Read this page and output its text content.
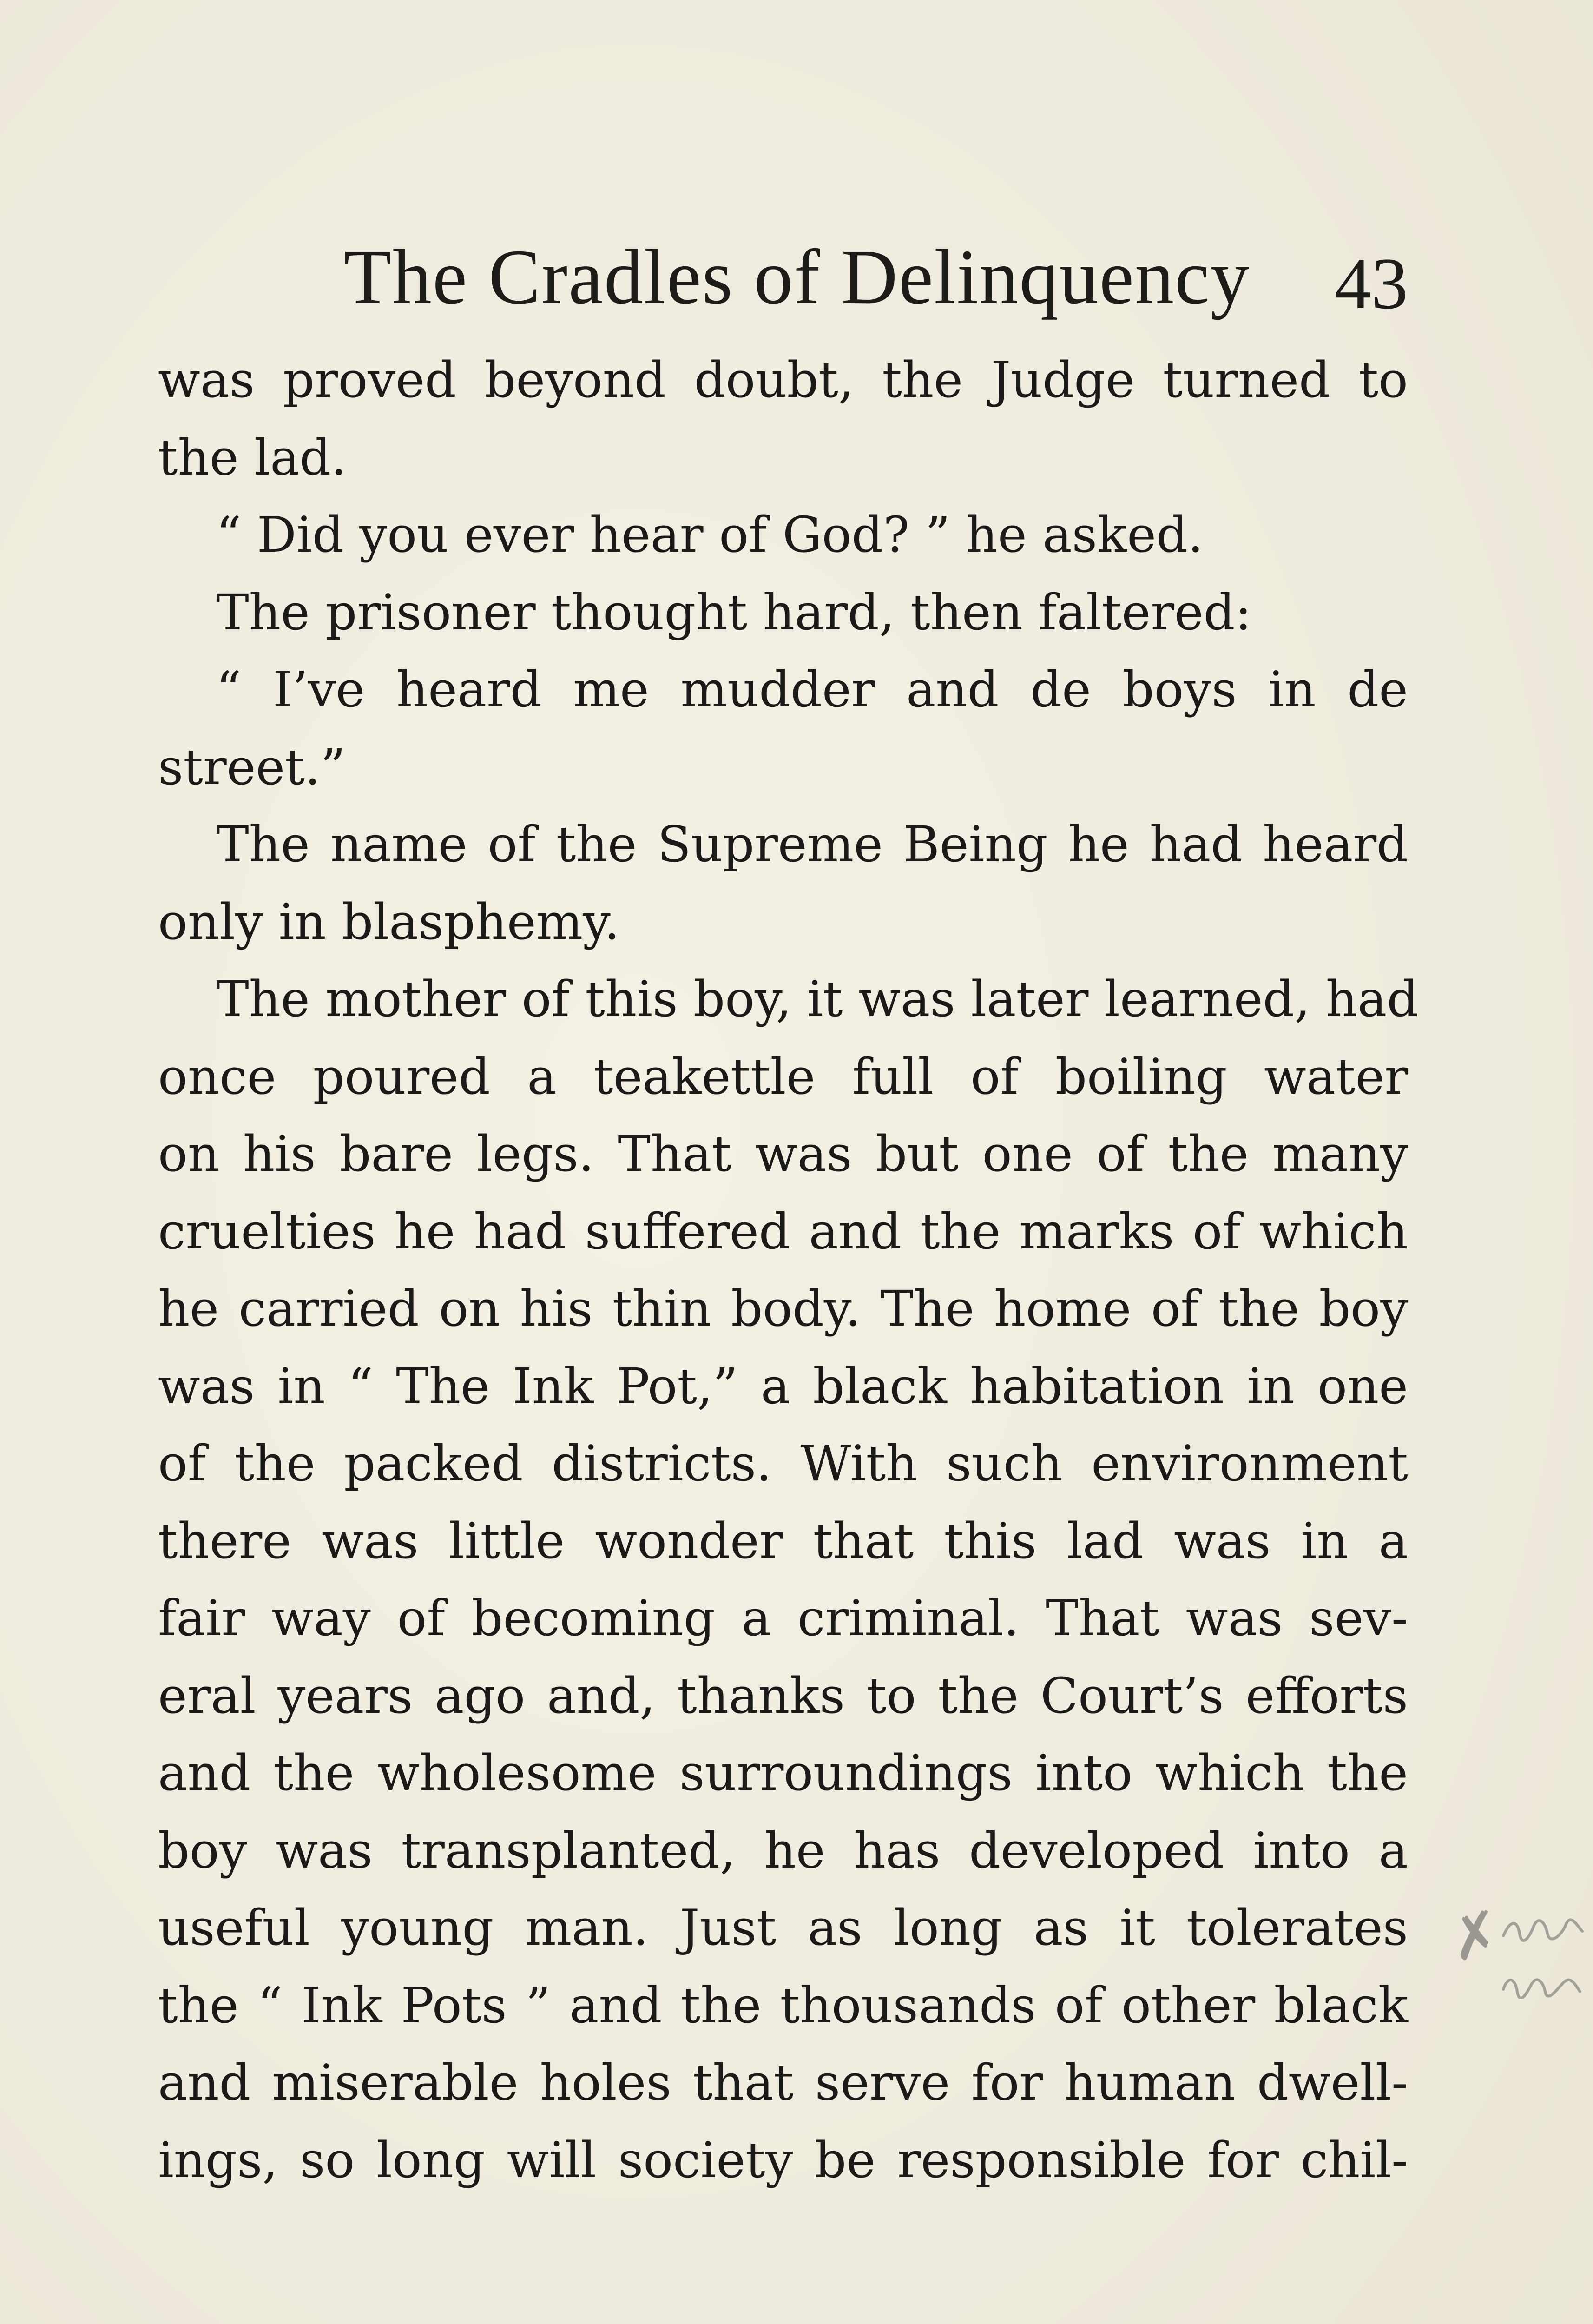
The Cradles of Delinquency 43
was proved beyond doubt, the Judge turned to
the lad.
“ Did you ever hear of God? ” he asked.
The prisoner thought hard, then faltered:
“ I’ve heard me mudder and de boys in de
street.”
The name of the Supreme Being he had heard
only in blasphemy.
The mother of this boy, it was later learned, had
once poured a teakettle full of boiling water
on his bare legs. That was but one of the many
cruelties he had suffered and the marks of which
he carried on his thin body. The home of the boy
was in “ The Ink Pot,” a black habitation in one
of the packed districts. With such environment
there was little wonder that this lad was in a
fair way of becoming a criminal. That was sev-
eral years ago and, thanks to the Court’s efforts
and the wholesome surroundings into which the
boy was transplanted, he has developed into a
useful young man. Just as long as it tolerates
the “ Ink Pots ” and the thousands of other black
and miserable holes that serve for human dwell-
ings, so long will society be responsible for chil-
✗
